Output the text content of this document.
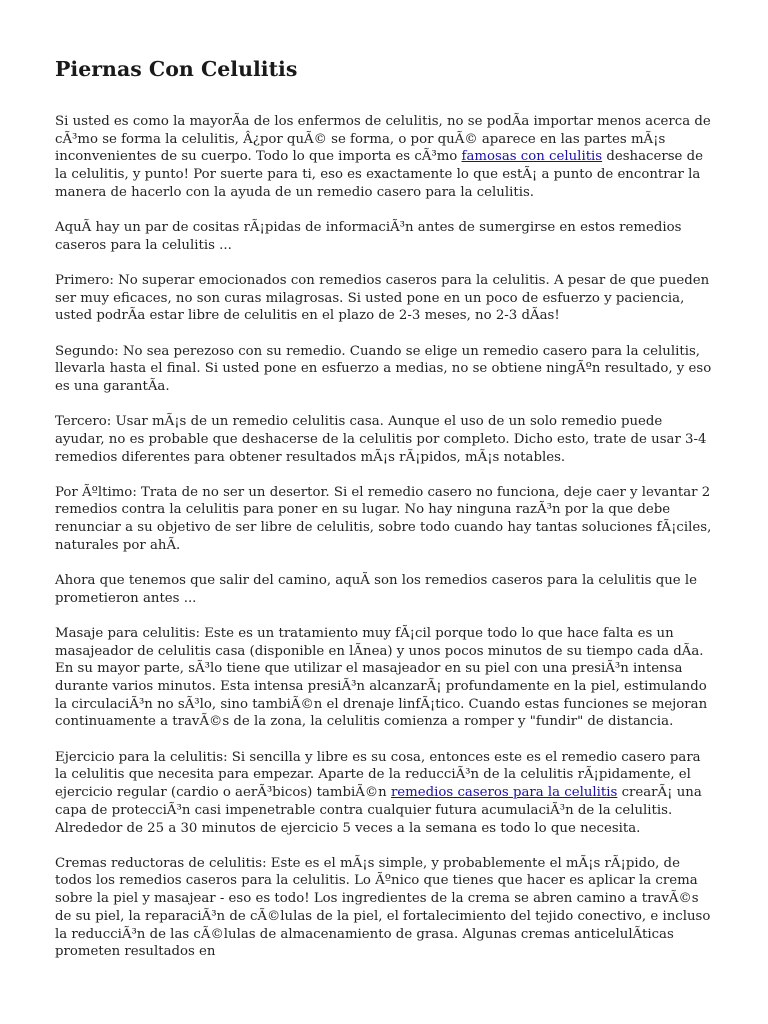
Piernas Con Celulitis

Si usted es como la mayorÃa de los enfermos de celulitis, no se podÃa importar menos acerca de cÃ³mo se forma la celulitis, Â¿por quÃ© se forma, o por quÃ© aparece en las partes mÃ¡s inconvenientes de su cuerpo. Todo lo que importa es cÃ³mo famosas con celulitis deshacerse de la celulitis, y punto! Por suerte para ti, eso es exactamente lo que estÃ¡ a punto de encontrar la manera de hacerlo con la ayuda de un remedio casero para la celulitis.

AquÃ hay un par de cositas rÃ¡pidas de informaciÃ³n antes de sumergirse en estos remedios caseros para la celulitis ...

Primero: No superar emocionados con remedios caseros para la celulitis. A pesar de que pueden ser muy eficaces, no son curas milagrosas. Si usted pone en un poco de esfuerzo y paciencia, usted podrÃa estar libre de celulitis en el plazo de 2-3 meses, no 2-3 dÃas!

Segundo: No sea perezoso con su remedio. Cuando se elige un remedio casero para la celulitis, llevarla hasta el final. Si usted pone en esfuerzo a medias, no se obtiene ningÃºn resultado, y eso es una garantÃa.

Tercero: Usar mÃ¡s de un remedio celulitis casa. Aunque el uso de un solo remedio puede ayudar, no es probable que deshacerse de la celulitis por completo. Dicho esto, trate de usar 3-4 remedios diferentes para obtener resultados mÃ¡s rÃ¡pidos, mÃ¡s notables.

Por Ãºltimo: Trata de no ser un desertor. Si el remedio casero no funciona, deje caer y levantar 2 remedios contra la celulitis para poner en su lugar. No hay ninguna razÃ³n por la que debe renunciar a su objetivo de ser libre de celulitis, sobre todo cuando hay tantas soluciones fÃ¡ciles, naturales por ahÃ.

Ahora que tenemos que salir del camino, aquÃ son los remedios caseros para la celulitis que le prometieron antes ...

Masaje para celulitis: Este es un tratamiento muy fÃ¡cil porque todo lo que hace falta es un masajeador de celulitis casa (disponible en lÃnea) y unos pocos minutos de su tiempo cada dÃa. En su mayor parte, sÃ³lo tiene que utilizar el masajeador en su piel con una presiÃ³n intensa durante varios minutos. Esta intensa presiÃ³n alcanzarÃ¡ profundamente en la piel, estimulando la circulaciÃ³n no sÃ³lo, sino tambiÃ©n el drenaje linfÃ¡tico. Cuando estas funciones se mejoran continuamente a travÃ©s de la zona, la celulitis comienza a romper y "fundir" de distancia.

Ejercicio para la celulitis: Si sencilla y libre es su cosa, entonces este es el remedio casero para la celulitis que necesita para empezar. Aparte de la reducciÃ³n de la celulitis rÃ¡pidamente, el ejercicio regular (cardio o aerÃ³bicos) tambiÃ©n remedios caseros para la celulitis crearÃ¡ una capa de protecciÃ³n casi impenetrable contra cualquier futura acumulaciÃ³n de la celulitis. Alrededor de 25 a 30 minutos de ejercicio 5 veces a la semana es todo lo que necesita.

Cremas reductoras de celulitis: Este es el mÃ¡s simple, y probablemente el mÃ¡s rÃ¡pido, de todos los remedios caseros para la celulitis. Lo Ãºnico que tienes que hacer es aplicar la crema sobre la piel y masajear - eso es todo! Los ingredientes de la crema se abren camino a travÃ©s de su piel, la reparaciÃ³n de cÃ©lulas de la piel, el fortalecimiento del tejido conectivo, e incluso la reducciÃ³n de las cÃ©lulas de almacenamiento de grasa. Algunas cremas anticelulÃticas prometen resultados en
